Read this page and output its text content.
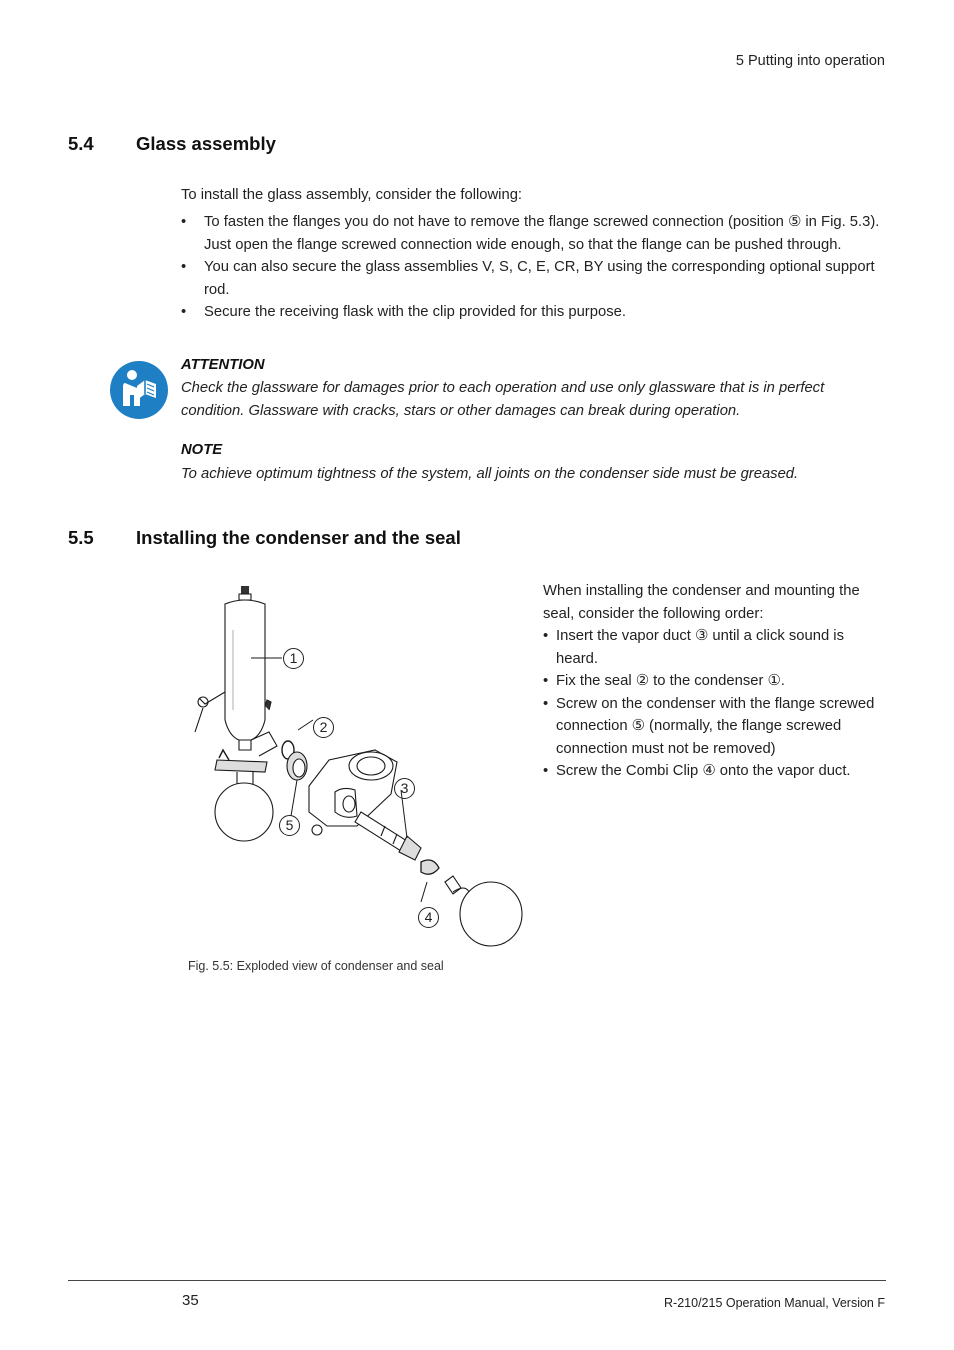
5 Putting into operation
5.4 Glass assembly
To install the glass assembly, consider the following:
• To fasten the flanges you do not have to remove the flange screwed connection (position ⑤ in Fig. 5.3). Just open the flange screwed connection wide enough, so that the flange can be pushed through.
• You can also secure the glass assemblies V, S, C, E, CR, BY using the corresponding optional support rod.
• Secure the receiving flask with the clip provided for this purpose.
ATTENTION
Check the glassware for damages prior to each operation and use only glassware that is in perfect condition. Glassware with cracks, stars or other damages can break during operation.
NOTE
To achieve optimum tightness of the system, all joints on the condenser side must be greased.
5.5 Installing the condenser and the seal
1
2
3
4
5
Fig. 5.5: Exploded view of condenser and seal
When installing the condenser and mounting the seal, consider the following order:
• Insert the vapor duct ③ until a click sound is heard.
• Fix the seal ② to the condenser ①.
• Screw on the condenser with the flange screwed connection ⑤ (normally, the flange screwed connection must not be removed)
• Screw the Combi Clip ④ onto the vapor duct.
35	R-210/215 Operation Manual, Version F
